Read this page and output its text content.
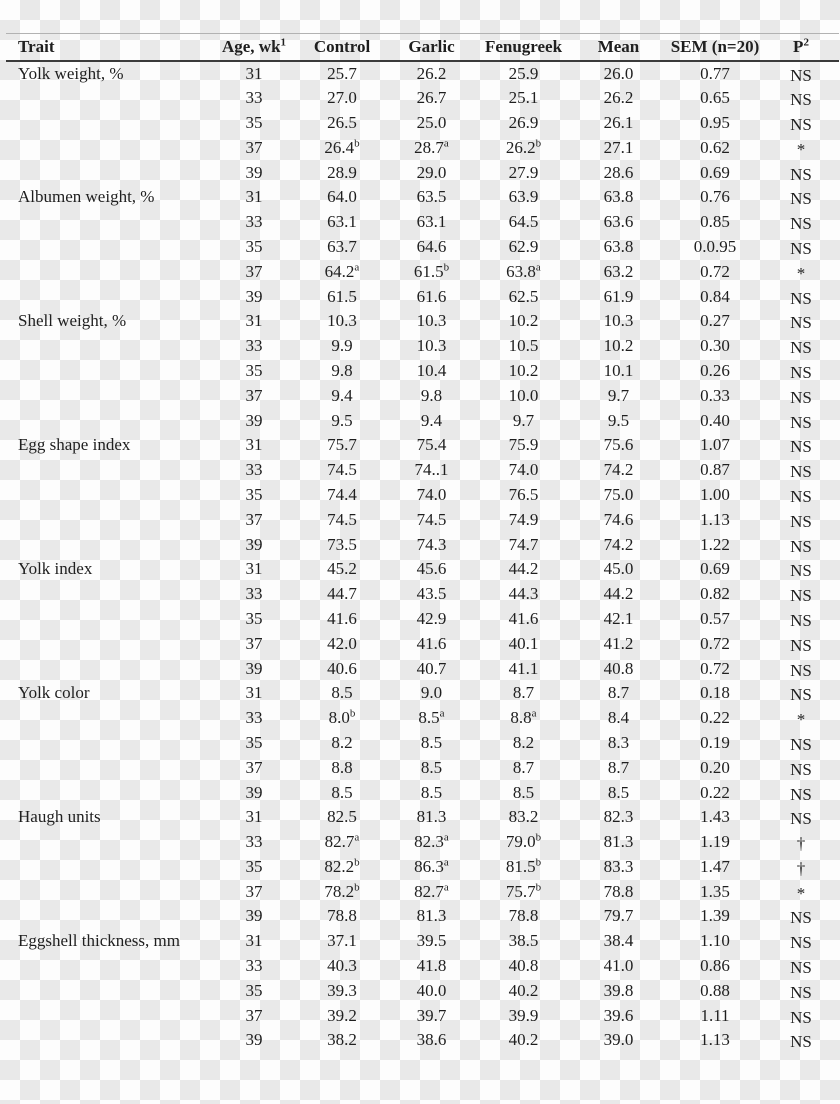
Trait	Age, $wk^1$	Control	Garlic	Fenugreek	Mean	SEM (n=20)	$P^2$
Yolk weight, %	31	25.7	26.2	25.9	26.0	0.77	NS
	33	27.0	26.7	25.1	26.2	0.65	NS
	35	26.5	25.0	26.9	26.1	0.95	NS
	37	26.4$^b$	28.7$^a$	26.2$^b$	27.1	0.62	*
	39	28.9	29.0	27.9	28.6	0.69	NS
Albumen weight, %	31	64.0	63.5	63.9	63.8	0.76	NS
	33	63.1	63.1	64.5	63.6	0.85	NS
	35	63.7	64.6	62.9	63.8	0.0.95	NS
	37	64.2$^a$	61.5$^b$	63.8$^a$	63.2	0.72	*
	39	61.5	61.6	62.5	61.9	0.84	NS
Shell weight, %	31	10.3	10.3	10.2	10.3	0.27	NS
	33	9.9	10.3	10.5	10.2	0.30	NS
	35	9.8	10.4	10.2	10.1	0.26	NS
	37	9.4	9.8	10.0	9.7	0.33	NS
	39	9.5	9.4	9.7	9.5	0.40	NS
Egg shape index	31	75.7	75.4	75.9	75.6	1.07	NS
	33	74.5	74..1	74.0	74.2	0.87	NS
	35	74.4	74.0	76.5	75.0	1.00	NS
	37	74.5	74.5	74.9	74.6	1.13	NS
	39	73.5	74.3	74.7	74.2	1.22	NS
Yolk index	31	45.2	45.6	44.2	45.0	0.69	NS
	33	44.7	43.5	44.3	44.2	0.82	NS
	35	41.6	42.9	41.6	42.1	0.57	NS
	37	42.0	41.6	40.1	41.2	0.72	NS
	39	40.6	40.7	41.1	40.8	0.72	NS
Yolk color	31	8.5	9.0	8.7	8.7	0.18	NS
	33	8.0$^b$	8.5$^a$	8.8$^a$	8.4	0.22	*
	35	8.2	8.5	8.2	8.3	0.19	NS
	37	8.8	8.5	8.7	8.7	0.20	NS
	39	8.5	8.5	8.5	8.5	0.22	NS
Haugh units	31	82.5	81.3	83.2	82.3	1.43	NS
	33	82.7$^a$	82.3$^a$	79.0$^b$	81.3	1.19	†
	35	82.2$^b$	86.3$^a$	81.5$^b$	83.3	1.47	†
	37	78.2$^b$	82.7$^a$	75.7$^b$	78.8	1.35	*
	39	78.8	81.3	78.8	79.7	1.39	NS
Eggshell thickness, mm	31	37.1	39.5	38.5	38.4	1.10	NS
	33	40.3	41.8	40.8	41.0	0.86	NS
	35	39.3	40.0	40.2	39.8	0.88	NS
	37	39.2	39.7	39.9	39.6	1.11	NS
	39	38.2	38.6	40.2	39.0	1.13	NS
